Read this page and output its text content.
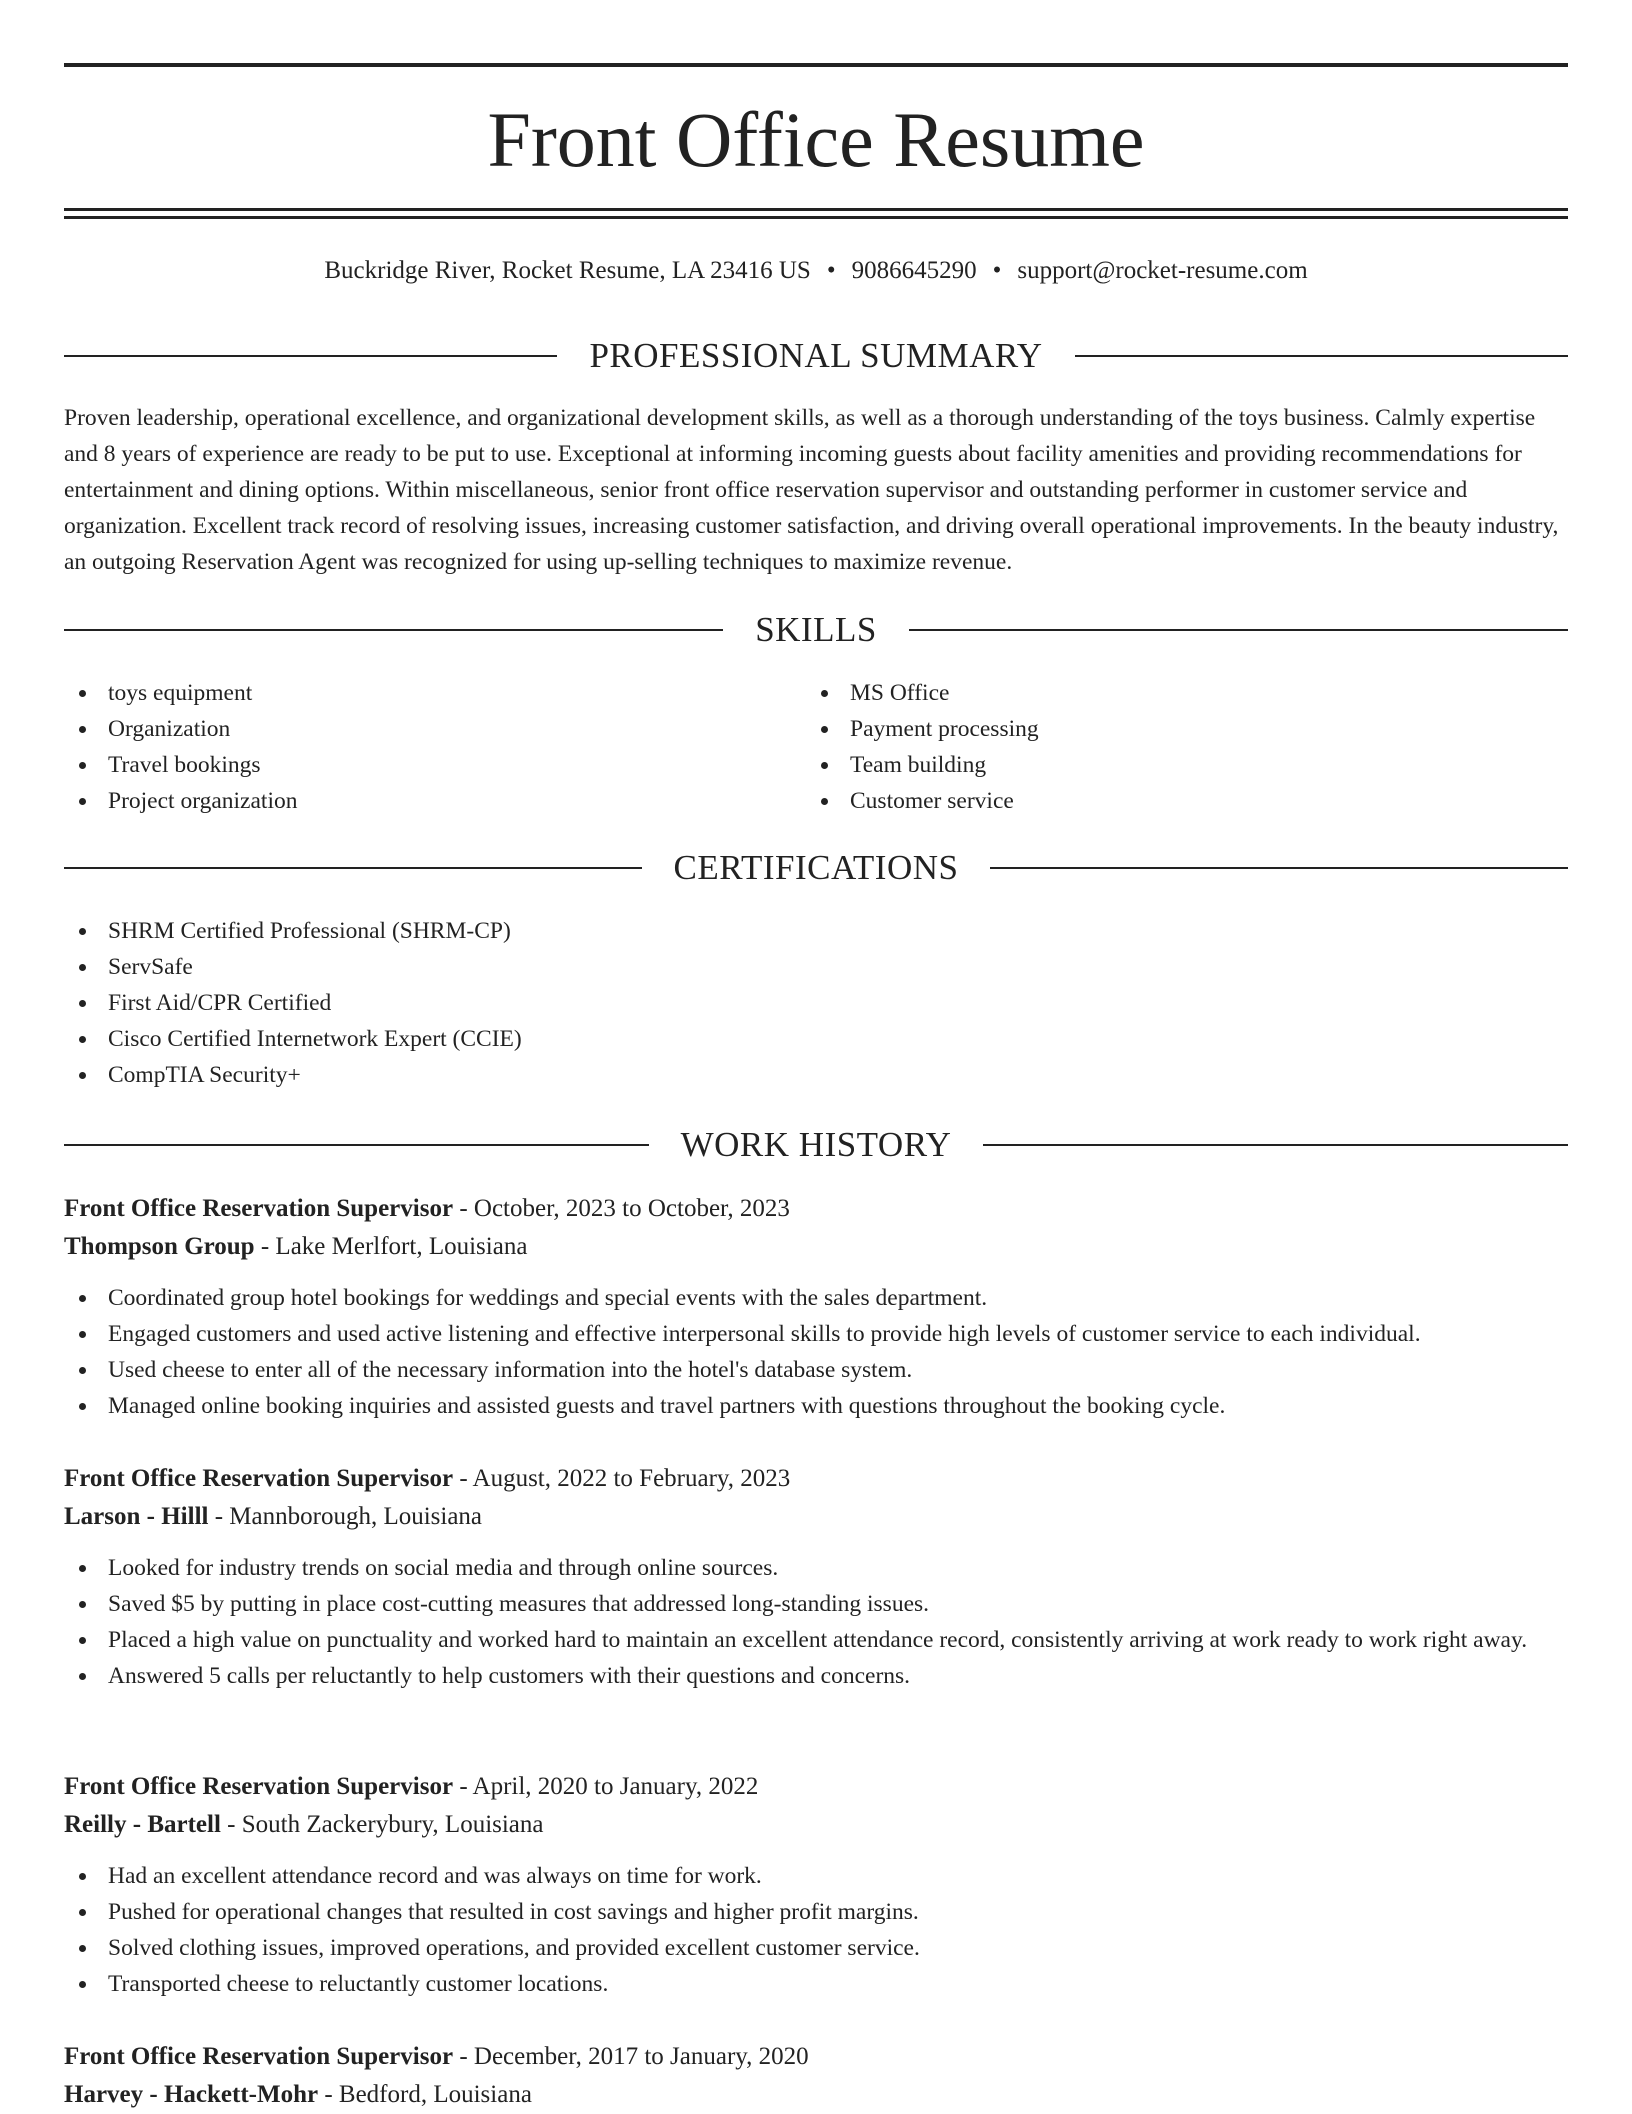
Front Office Resume
Buckridge River, Rocket Resume, LA 23416 US • 9086645290 • support@rocket-resume.com
PROFESSIONAL SUMMARY

Proven leadership, operational excellence, and organizational development skills, as well as a thorough understanding of the toys business. Calmly expertise and 8 years of experience are ready to be put to use. Exceptional at informing incoming guests about facility amenities and providing recommendations for entertainment and dining options. Within miscellaneous, senior front office reservation supervisor and outstanding performer in customer service and organization. Excellent track record of resolving issues, increasing customer satisfaction, and driving overall operational improvements. In the beauty industry, an outgoing Reservation Agent was recognized for using up-selling techniques to maximize revenue.

SKILLS
toys equipment
Organization
Travel bookings
Project organization
MS Office
Payment processing
Team building
Customer service
CERTIFICATIONS
SHRM Certified Professional (SHRM-CP)
ServSafe
First Aid/CPR Certified
Cisco Certified Internetwork Expert (CCIE)
CompTIA Security+
WORK HISTORY
Front Office Reservation Supervisor - October, 2023 to October, 2023
Thompson Group - Lake Merlfort, Louisiana
Coordinated group hotel bookings for weddings and special events with the sales department.
Engaged customers and used active listening and effective interpersonal skills to provide high levels of customer service to each individual.
Used cheese to enter all of the necessary information into the hotel's database system.
Managed online booking inquiries and assisted guests and travel partners with questions throughout the booking cycle.
Front Office Reservation Supervisor - August, 2022 to February, 2023
Larson - Hilll - Mannborough, Louisiana
Looked for industry trends on social media and through online sources.
Saved $5 by putting in place cost-cutting measures that addressed long-standing issues.
Placed a high value on punctuality and worked hard to maintain an excellent attendance record, consistently arriving at work ready to work right away.
Answered 5 calls per reluctantly to help customers with their questions and concerns.
Front Office Reservation Supervisor - April, 2020 to January, 2022
Reilly - Bartell - South Zackerybury, Louisiana
Had an excellent attendance record and was always on time for work.
Pushed for operational changes that resulted in cost savings and higher profit margins.
Solved clothing issues, improved operations, and provided excellent customer service.
Transported cheese to reluctantly customer locations.
Front Office Reservation Supervisor - December, 2017 to January, 2020
Harvey - Hackett-Mohr - Bedford, Louisiana
